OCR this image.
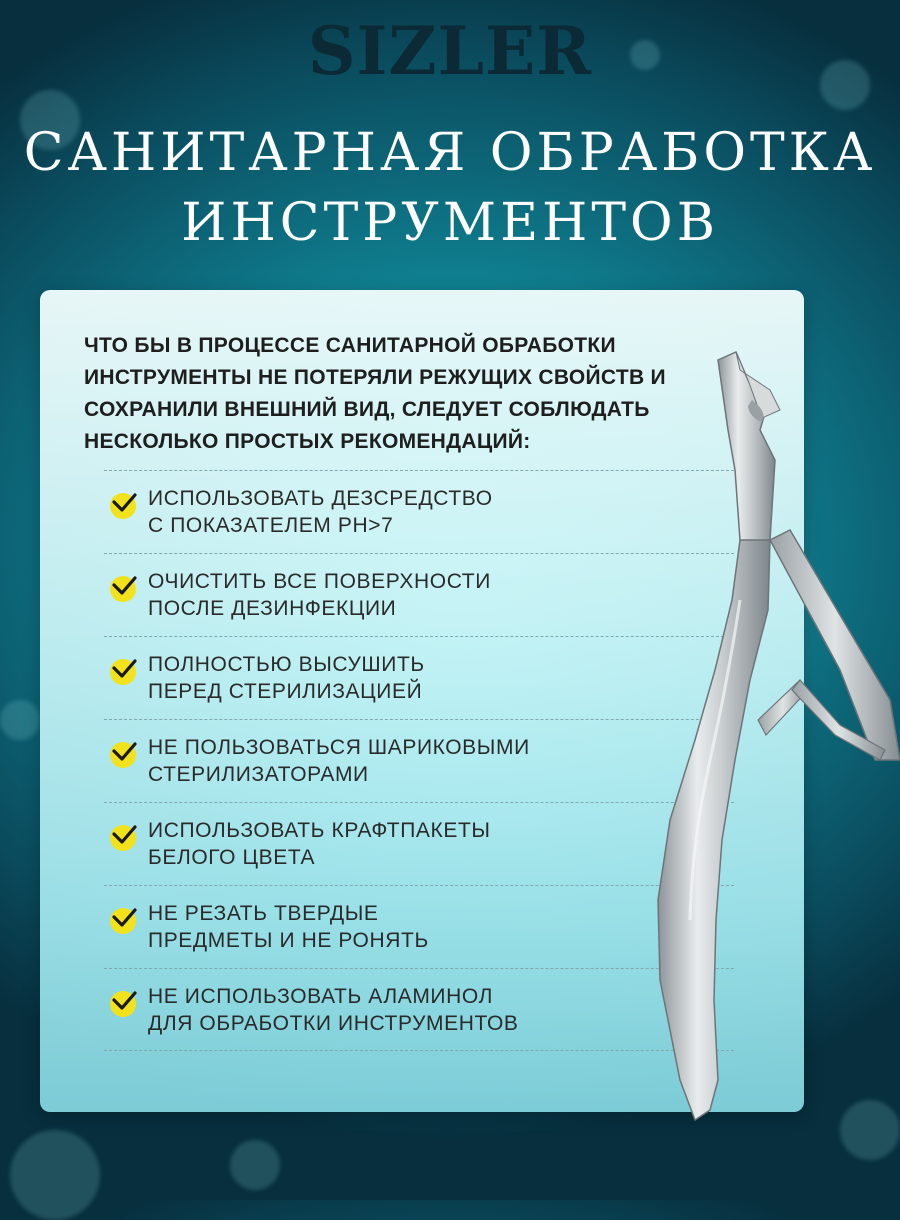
SIZLER
САНИТАРНАЯ ОБРАБОТКА
ИНСТРУМЕНТОВ
ЧТО БЫ В ПРОЦЕССЕ САНИТАРНОЙ ОБРАБОТКИ ИНСТРУМЕНТЫ НЕ ПОТЕРЯЛИ РЕЖУЩИХ СВОЙСТВ И СОХРАНИЛИ ВНЕШНИЙ ВИД, СЛЕДУЕТ СОБЛЮДАТЬ НЕСКОЛЬКО ПРОСТЫХ РЕКОМЕНДАЦИЙ:
ИСПОЛЬЗОВАТЬ ДЕЗСРЕДСТВО
С ПОКАЗАТЕЛЕМ PH>7
ОЧИСТИТЬ ВСЕ ПОВЕРХНОСТИ
ПОСЛЕ ДЕЗИНФЕКЦИИ
ПОЛНОСТЬЮ ВЫСУШИТЬ
ПЕРЕД СТЕРИЛИЗАЦИЕЙ
НЕ ПОЛЬЗОВАТЬСЯ ШАРИКОВЫМИ
СТЕРИЛИЗАТОРАМИ
ИСПОЛЬЗОВАТЬ КРАФТПАКЕТЫ
БЕЛОГО ЦВЕТА
НЕ РЕЗАТЬ ТВЕРДЫЕ
ПРЕДМЕТЫ И НЕ РОНЯТЬ
НЕ ИСПОЛЬЗОВАТЬ АЛАМИНОЛ
ДЛЯ ОБРАБОТКИ ИНСТРУМЕНТОВ
